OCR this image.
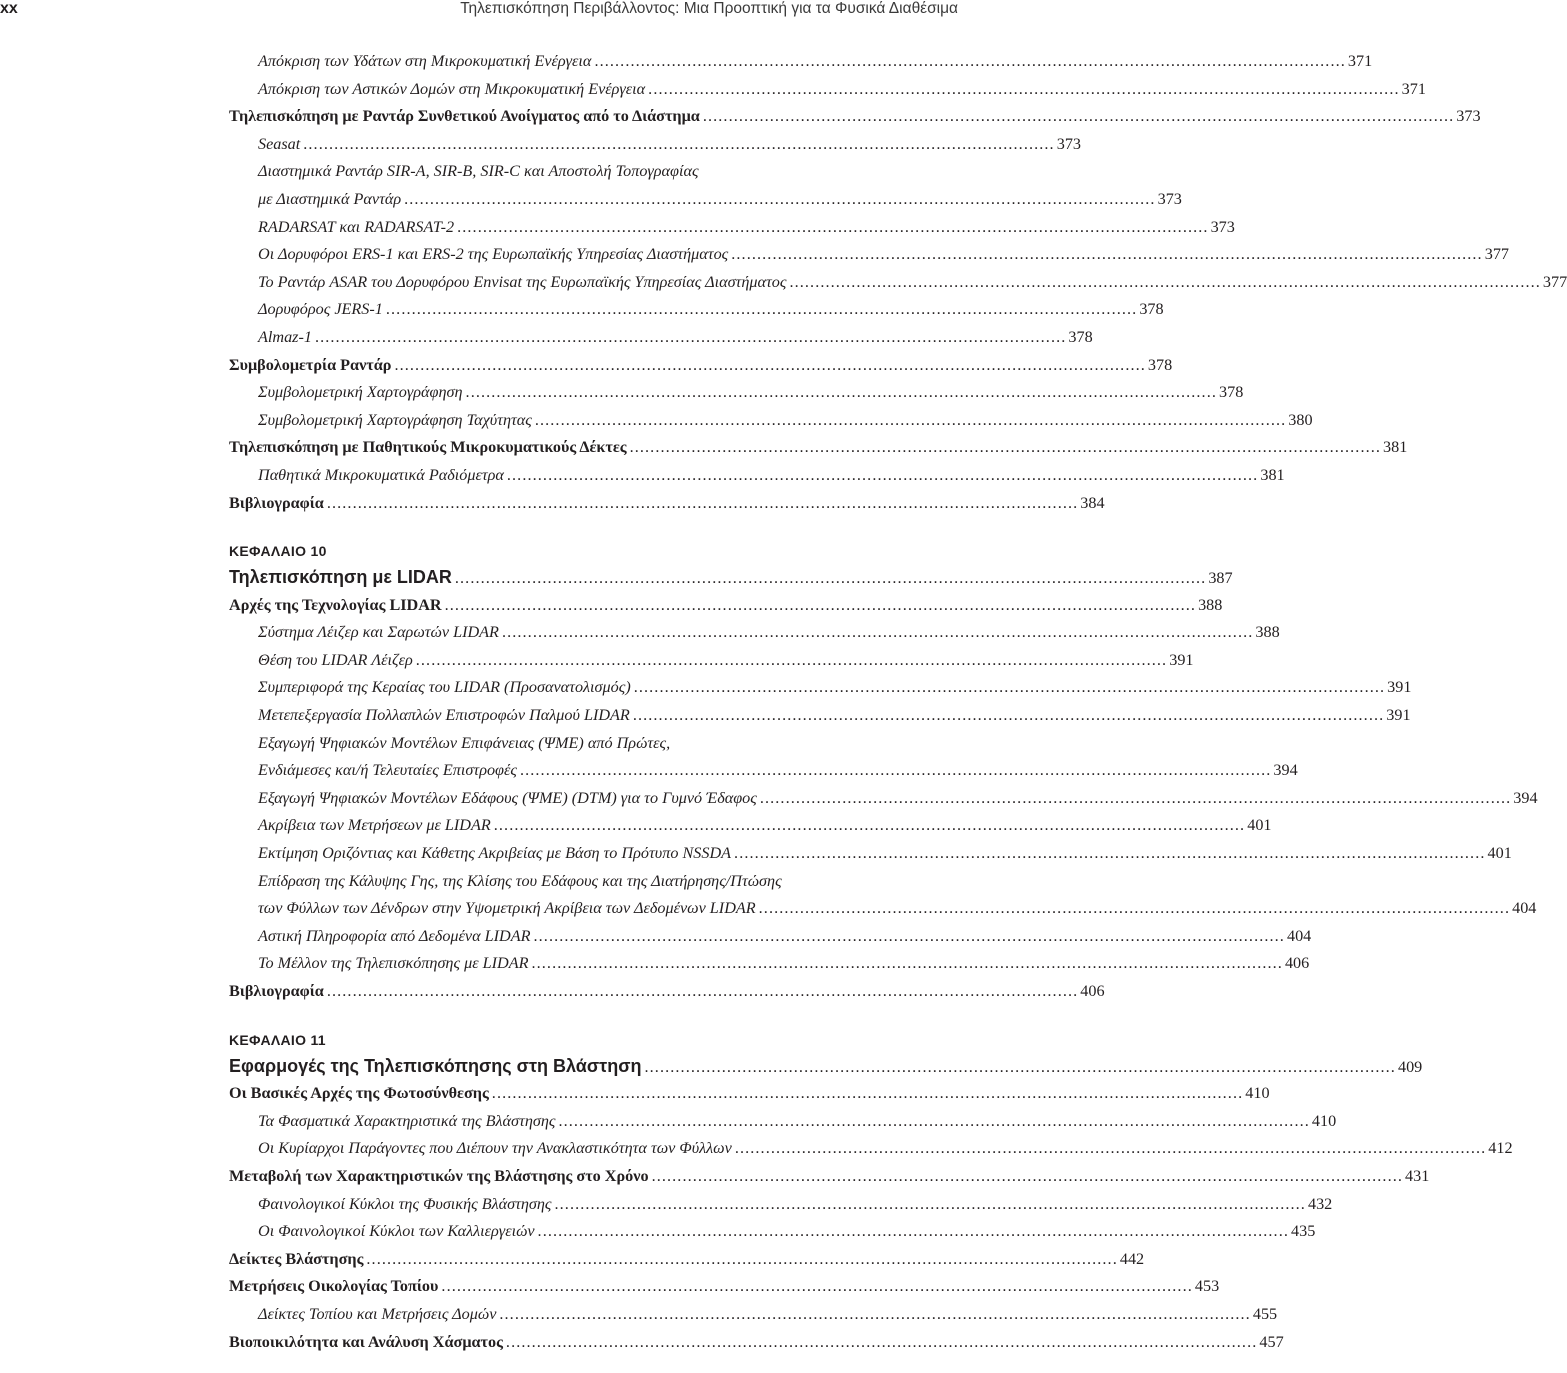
xx	Τηλεπισκόπηση Περιβάλλοντος: Μια Προοπτική για τα Φυσικά Διαθέσιμα
Απόκριση των Υδάτων στη Μικροκυματική Ενέργεια .................................................................................................................................................. 371
Απόκριση των Αστικών Δομών στη Μικροκυματική Ενέργεια .................................................................................................................................................. 371
Τηλεπισκόπηση με Ραντάρ Συνθετικού Ανοίγματος από το Διάστημα .................................................................................................................................................. 373
Seasat .................................................................................................................................................. 373
Διαστημικά Ραντάρ SIR-A, SIR-B, SIR-C και Αποστολή Τοπογραφίας
με Διαστημικά Ραντάρ .................................................................................................................................................. 373
RADARSAT και RADARSAT-2 .................................................................................................................................................. 373
Οι Δορυφόροι ERS-1 και ERS-2 της Ευρωπαϊκής Υπηρεσίας Διαστήματος .................................................................................................................................................. 377
Το Ραντάρ ASAR του Δορυφόρου Envisat της Ευρωπαϊκής Υπηρεσίας Διαστήματος .................................................................................................................................................. 377
Δορυφόρος JERS-1 .................................................................................................................................................. 378
Almaz-1 .................................................................................................................................................. 378
Συμβολομετρία Ραντάρ .................................................................................................................................................. 378
Συμβολομετρική Χαρτογράφηση .................................................................................................................................................. 378
Συμβολομετρική Χαρτογράφηση Ταχύτητας .................................................................................................................................................. 380
Τηλεπισκόπηση με Παθητικούς Μικροκυματικούς Δέκτες .................................................................................................................................................. 381
Παθητικά Μικροκυματικά Ραδιόμετρα .................................................................................................................................................. 381
Βιβλιογραφία .................................................................................................................................................. 384
ΚΕΦΑΛΑΙΟ 10
Τηλεπισκόπηση με LIDAR .................................................................................................................................................. 387
Αρχές της Τεχνολογίας LIDAR .................................................................................................................................................. 388
Σύστημα Λέιζερ και Σαρωτών LIDAR .................................................................................................................................................. 388
Θέση του LIDAR Λέιζερ .................................................................................................................................................. 391
Συμπεριφορά της Κεραίας του LIDAR (Προσανατολισμός) .................................................................................................................................................. 391
Μετεπεξεργασία Πολλαπλών Επιστροφών Παλμού LIDAR .................................................................................................................................................. 391
Εξαγωγή Ψηφιακών Μοντέλων Επιφάνειας (ΨΜΕ) από Πρώτες,
Ενδιάμεσες και/ή Τελευταίες Επιστροφές .................................................................................................................................................. 394
Εξαγωγή Ψηφιακών Μοντέλων Εδάφους (ΨΜΕ) (DTM) για το Γυμνό Έδαφος .................................................................................................................................................. 394
Ακρίβεια των Μετρήσεων με LIDAR .................................................................................................................................................. 401
Εκτίμηση Οριζόντιας και Κάθετης Ακριβείας με Βάση το Πρότυπο NSSDA .................................................................................................................................................. 401
Επίδραση της Κάλυψης Γης, της Κλίσης του Εδάφους και της Διατήρησης/Πτώσης
των Φύλλων των Δένδρων στην Υψομετρική Ακρίβεια των Δεδομένων LIDAR .................................................................................................................................................. 404
Αστική Πληροφορία από Δεδομένα LIDAR .................................................................................................................................................. 404
Το Μέλλον της Τηλεπισκόπησης με LIDAR .................................................................................................................................................. 406
Βιβλιογραφία .................................................................................................................................................. 406
ΚΕΦΑΛΑΙΟ 11
Εφαρμογές της Τηλεπισκόπησης στη Βλάστηση .................................................................................................................................................. 409
Οι Βασικές Αρχές της Φωτοσύνθεσης .................................................................................................................................................. 410
Τα Φασματικά Χαρακτηριστικά της Βλάστησης .................................................................................................................................................. 410
Οι Κυρίαρχοι Παράγοντες που Διέπουν την Ανακλαστικότητα των Φύλλων .................................................................................................................................................. 412
Μεταβολή των Χαρακτηριστικών της Βλάστησης στο Χρόνο .................................................................................................................................................. 431
Φαινολογικοί Κύκλοι της Φυσικής Βλάστησης .................................................................................................................................................. 432
Οι Φαινολογικοί Κύκλοι των Καλλιεργειών .................................................................................................................................................. 435
Δείκτες Βλάστησης .................................................................................................................................................. 442
Μετρήσεις Οικολογίας Τοπίου .................................................................................................................................................. 453
Δείκτες Τοπίου και Μετρήσεις Δομών .................................................................................................................................................. 455
Βιοποικιλότητα και Ανάλυση Χάσματος .................................................................................................................................................. 457
